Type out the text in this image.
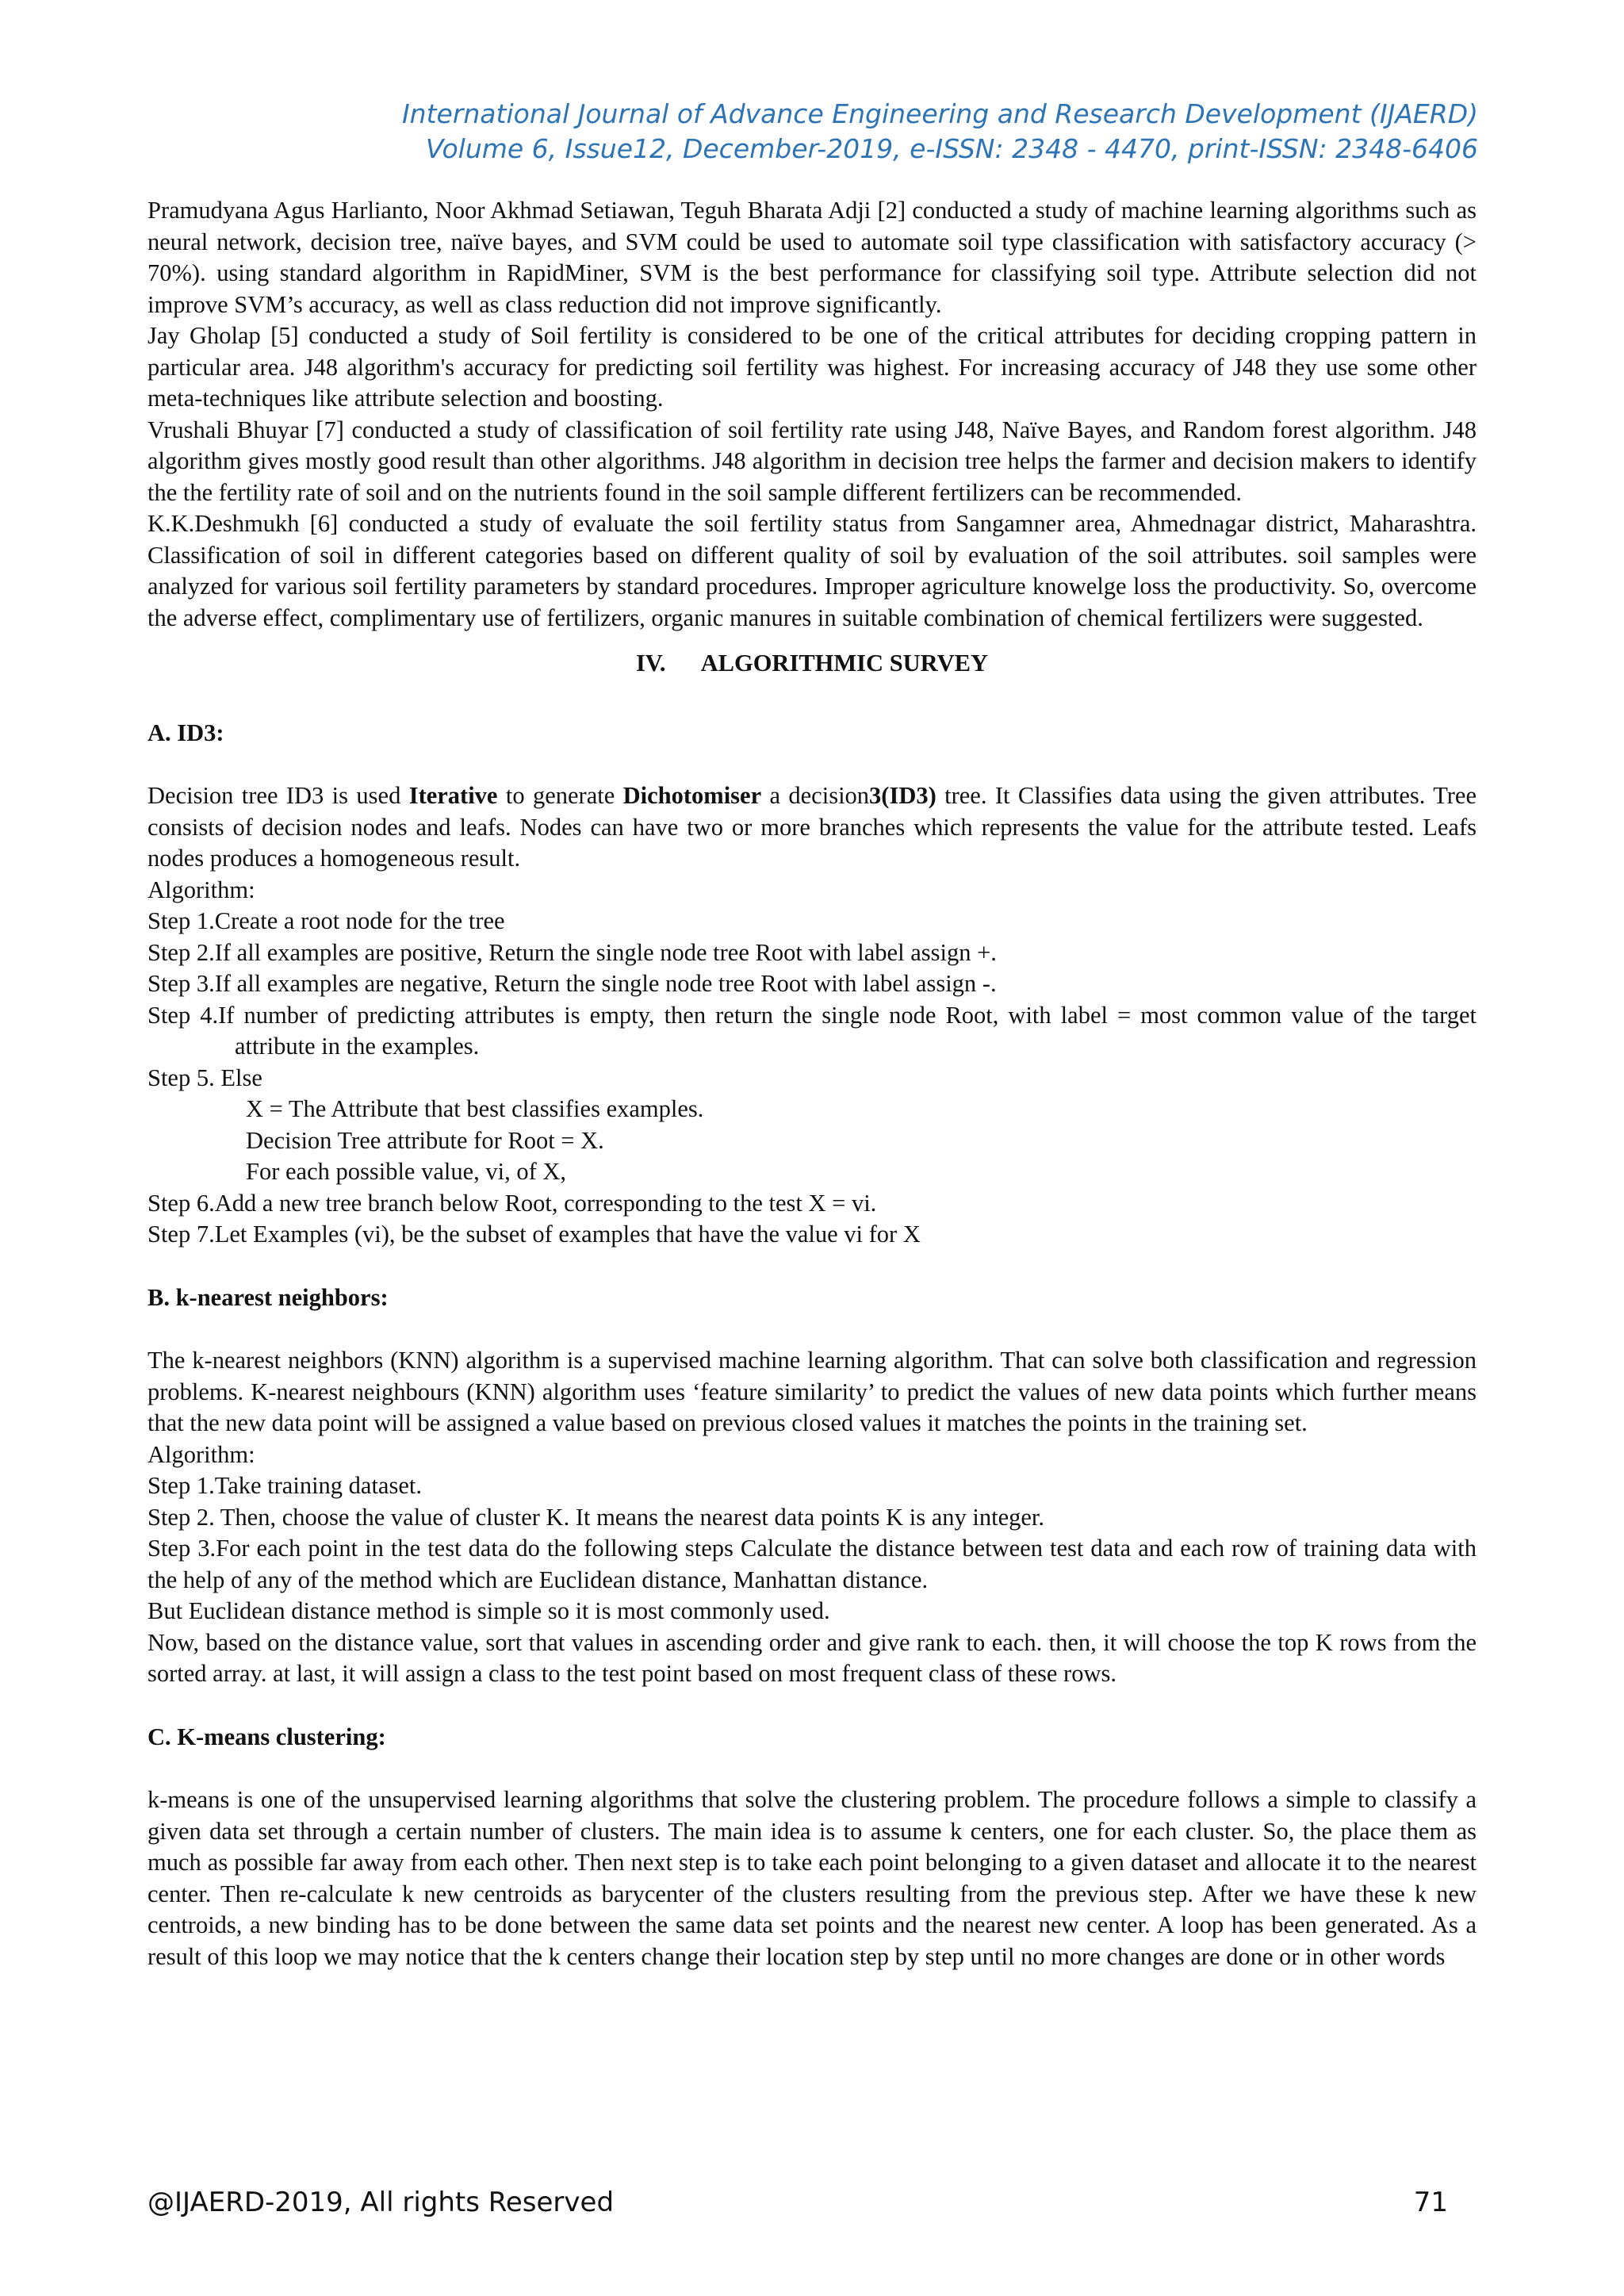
International Journal of Advance Engineering and Research Development (IJAERD)
Volume 6, Issue12, December-2019, e-ISSN: 2348 - 4470, print-ISSN: 2348-6406

Pramudyana Agus Harlianto, Noor Akhmad Setiawan, Teguh Bharata Adji [2] conducted a study of machine learning algorithms such as neural network, decision tree, naïve bayes, and SVM could be used to automate soil type classification with satisfactory accuracy (> 70%). using standard algorithm in RapidMiner, SVM is the best performance for classifying soil type. Attribute selection did not improve SVM’s accuracy, as well as class reduction did not improve significantly.

Jay Gholap [5] conducted a study of Soil fertility is considered to be one of the critical attributes for deciding cropping pattern in particular area. J48 algorithm's accuracy for predicting soil fertility was highest. For increasing accuracy of J48 they use some other meta-techniques like attribute selection and boosting.

Vrushali Bhuyar [7] conducted a study of classification of soil fertility rate using J48, Naïve Bayes, and Random forest algorithm. J48 algorithm gives mostly good result than other algorithms. J48 algorithm in decision tree helps the farmer and decision makers to identify the the fertility rate of soil and on the nutrients found in the soil sample different fertilizers can be recommended.

K.K.Deshmukh [6] conducted a study of evaluate the soil fertility status from Sangamner area, Ahmednagar district, Maharashtra. Classification of soil in different categories based on different quality of soil by evaluation of the soil attributes. soil samples were analyzed for various soil fertility parameters by standard procedures. Improper agriculture knowelge loss the productivity. So, overcome the adverse effect, complimentary use of fertilizers, organic manures in suitable combination of chemical fertilizers were suggested.

IV. ALGORITHMIC SURVEY
A. ID3:

Decision tree ID3 is used Iterative to generate Dichotomiser a decision3(ID3) tree. It Classifies data using the given attributes. Tree consists of decision nodes and leafs. Nodes can have two or more branches which represents the value for the attribute tested. Leafs nodes produces a homogeneous result.

Algorithm:

Step 1.Create a root node for the tree

Step 2.If all examples are positive, Return the single node tree Root with label assign +.

Step 3.If all examples are negative, Return the single node tree Root with label assign -.

Step 4.If number of predicting attributes is empty, then return the single node Root, with label = most common value of the target attribute in the examples.

Step 5. Else

X = The Attribute that best classifies examples.

Decision Tree attribute for Root = X.

For each possible value, vi, of X,

Step 6.Add a new tree branch below Root, corresponding to the test X = vi.

Step 7.Let Examples (vi), be the subset of examples that have the value vi for X

B. k-nearest neighbors:

The k-nearest neighbors (KNN) algorithm is a supervised machine learning algorithm. That can solve both classification and regression problems. K-nearest neighbours (KNN) algorithm uses ‘feature similarity’ to predict the values of new data points which further means that the new data point will be assigned a value based on previous closed values it matches the points in the training set.

Algorithm:

Step 1.Take training dataset.

Step 2. Then, choose the value of cluster K. It means the nearest data points K is any integer.

Step 3.For each point in the test data do the following steps Calculate the distance between test data and each row of training data with the help of any of the method which are Euclidean distance, Manhattan distance.

But Euclidean distance method is simple so it is most commonly used.

Now, based on the distance value, sort that values in ascending order and give rank to each. then, it will choose the top K rows from the sorted array. at last, it will assign a class to the test point based on most frequent class of these rows.

C. K-means clustering:

k-means is one of the unsupervised learning algorithms that solve the clustering problem. The procedure follows a simple to classify a given data set through a certain number of clusters. The main idea is to assume k centers, one for each cluster. So, the place them as much as possible far away from each other. Then next step is to take each point belonging to a given dataset and allocate it to the nearest center. Then re-calculate k new centroids as barycenter of the clusters resulting from the previous step. After we have these k new centroids, a new binding has to be done between the same data set points and the nearest new center. A loop has been generated. As a result of this loop we may notice that the k centers change their location step by step until no more changes are done or in other words

@IJAERD-2019, All rights Reserved	71
